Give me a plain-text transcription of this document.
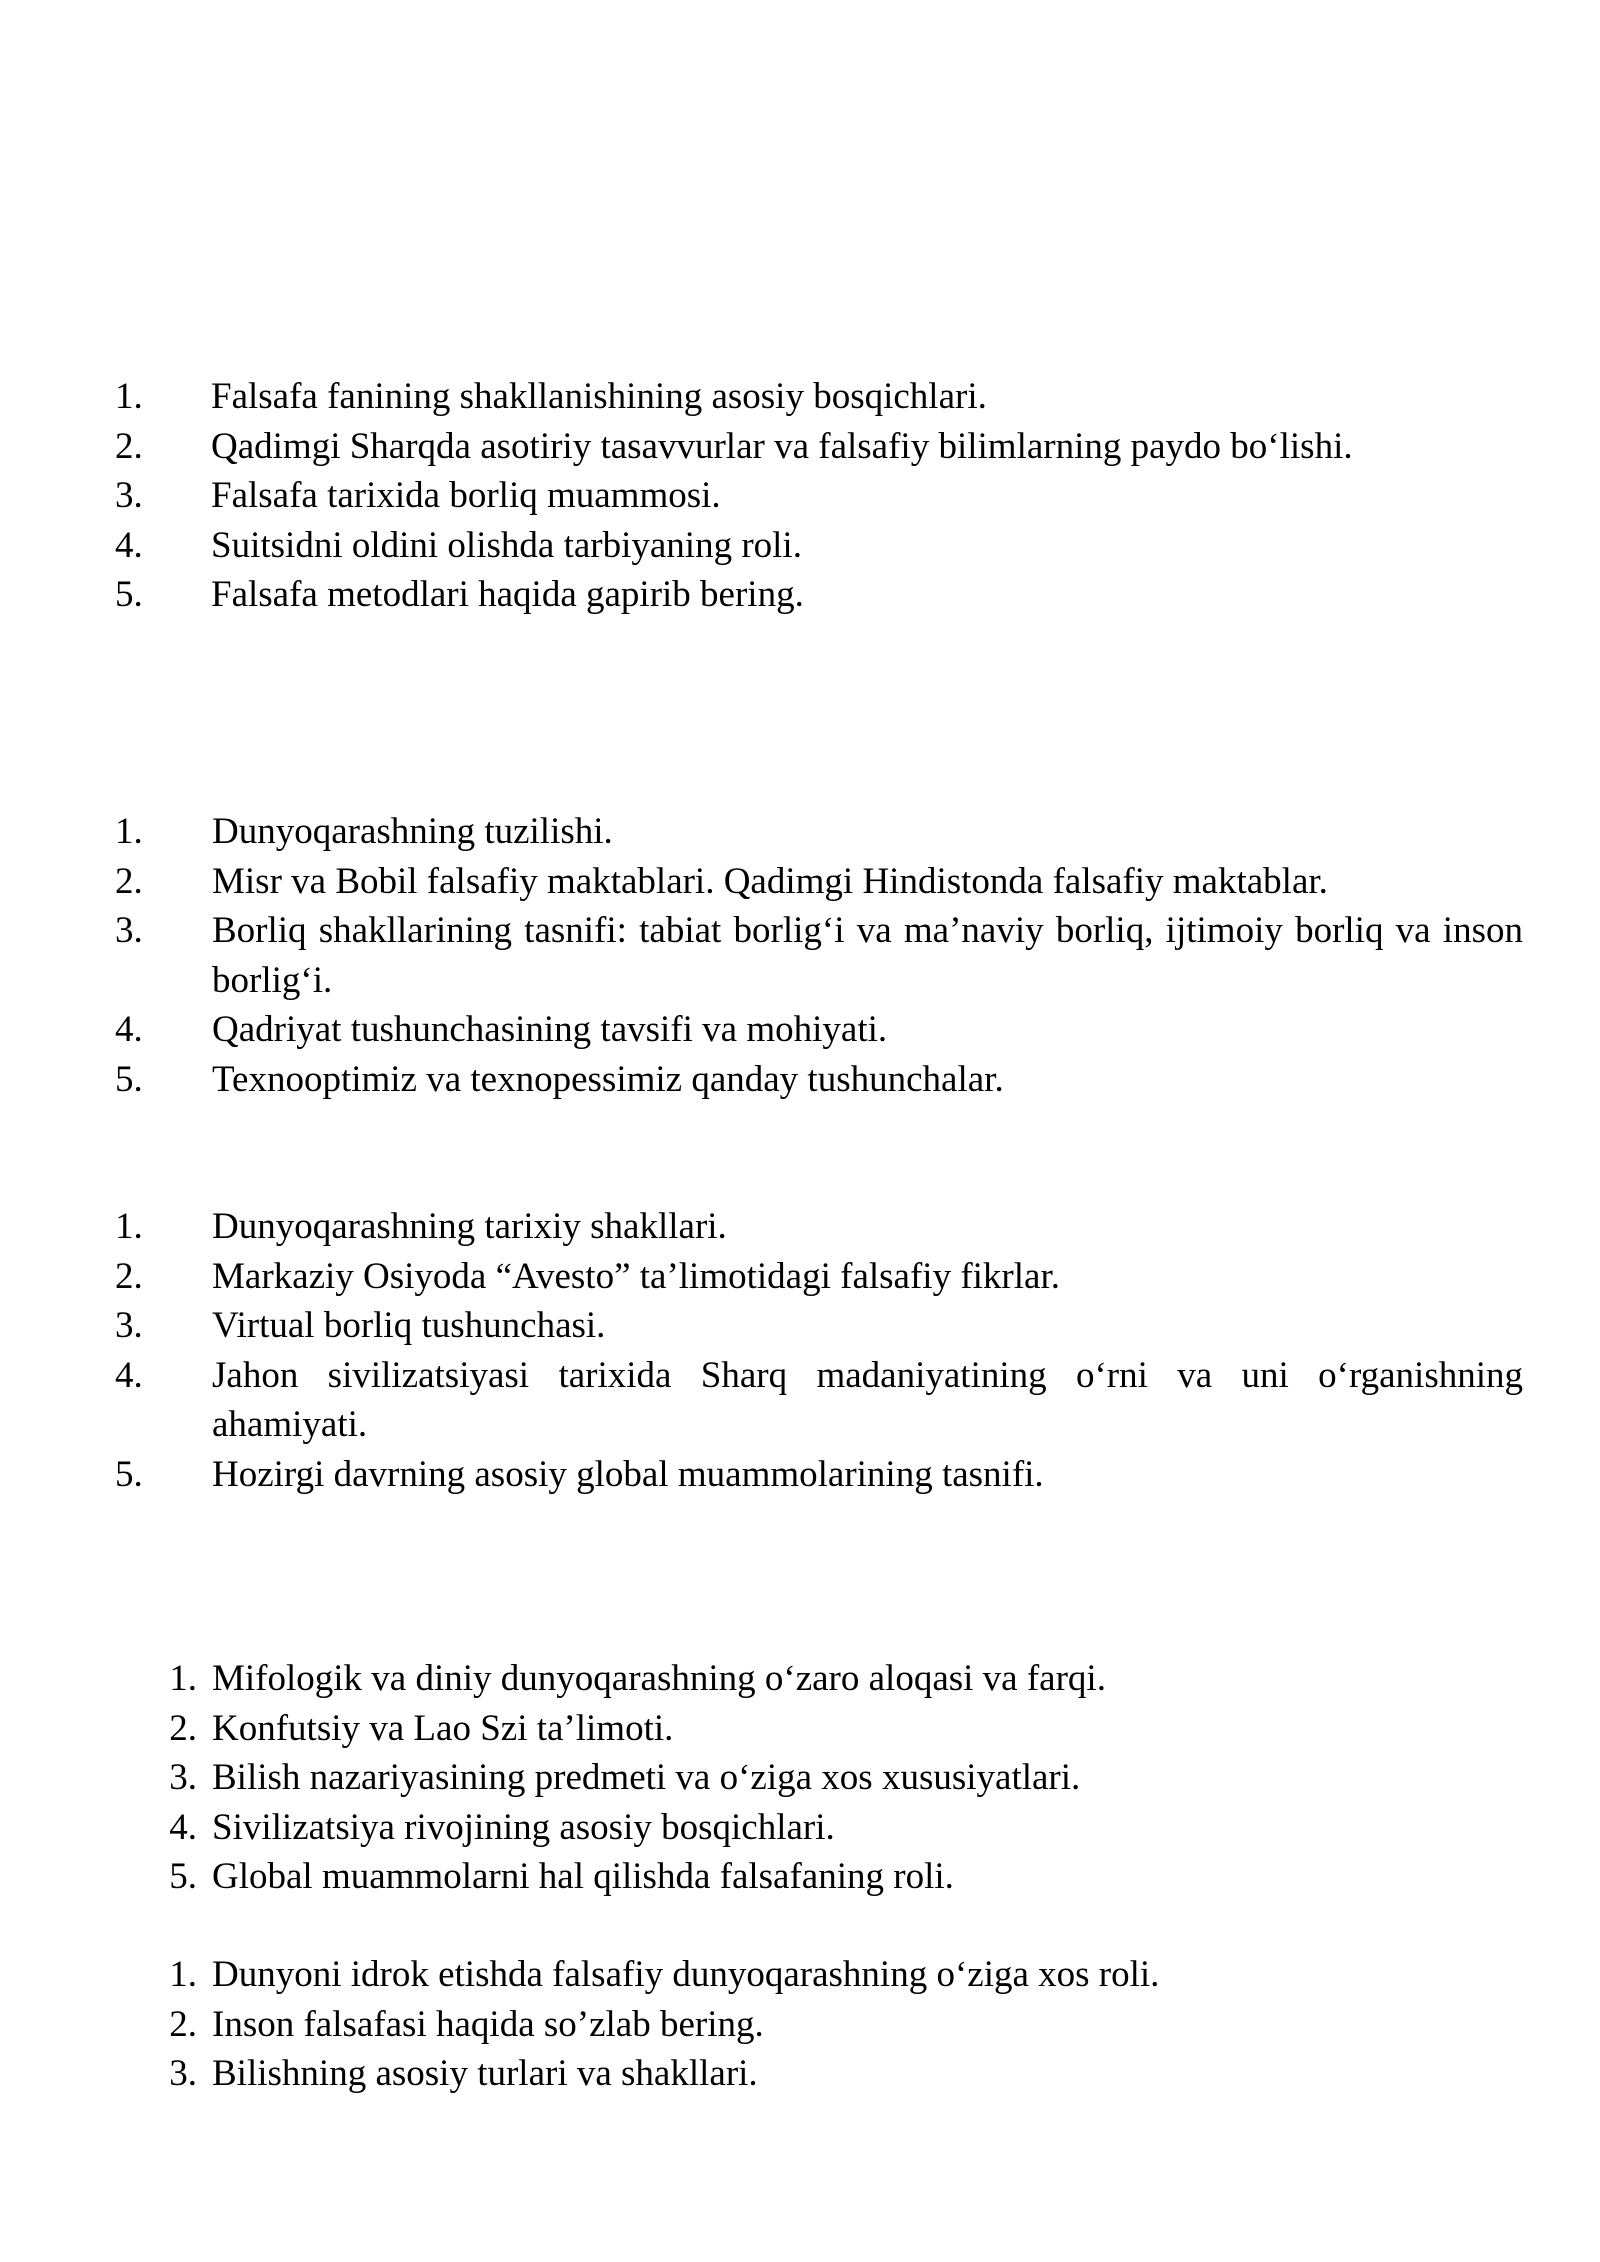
1.	Falsafa fanining shakllanishining asosiy bosqichlari.
2.	Qadimgi Sharqda asotiriy tasavvurlar va falsafiy bilimlarning paydo bo‘lishi.
3.	Falsafa tarixida borliq muammosi.
4.	Suitsidni oldini olishda tarbiyaning roli.
5.	Falsafa metodlari haqida gapirib bering.
1.	Dunyoqarashning tuzilishi.
2.	Misr va Bobil falsafiy maktablari. Qadimgi Hindistonda falsafiy maktablar.
3.	Borliq shakllarining tasnifi: tabiat borlig‘i va ma’naviy borliq, ijtimoiy borliq va inson borlig‘i.
4.	Qadriyat tushunchasining tavsifi va mohiyati.
5.	Texnooptimiz va texnopessimiz qanday tushunchalar.
1.	Dunyoqarashning tarixiy shakllari.
2.	Markaziy Osiyoda “Avesto” ta’limotidagi falsafiy fikrlar.
3.	Virtual borliq tushunchasi.
4.	Jahon sivilizatsiyasi tarixida Sharq madaniyatining o‘rni va uni o‘rganishning ahamiyati.
5.	Hozirgi davrning asosiy global muammolarining tasnifi.
1. Mifologik va diniy dunyoqarashning o‘zaro aloqasi va farqi.
2. Konfutsiy va Lao Szi ta’limoti.
3. Bilish nazariyasining predmeti va o‘ziga xos xususiyatlari.
4. Sivilizatsiya rivojining asosiy bosqichlari.
5. Global muammolarni hal qilishda falsafaning roli.
1. Dunyoni idrok etishda falsafiy dunyoqarashning o‘ziga xos roli.
2. Inson falsafasi haqida so’zlab bering.
3. Bilishning asosiy turlari va shakllari.
